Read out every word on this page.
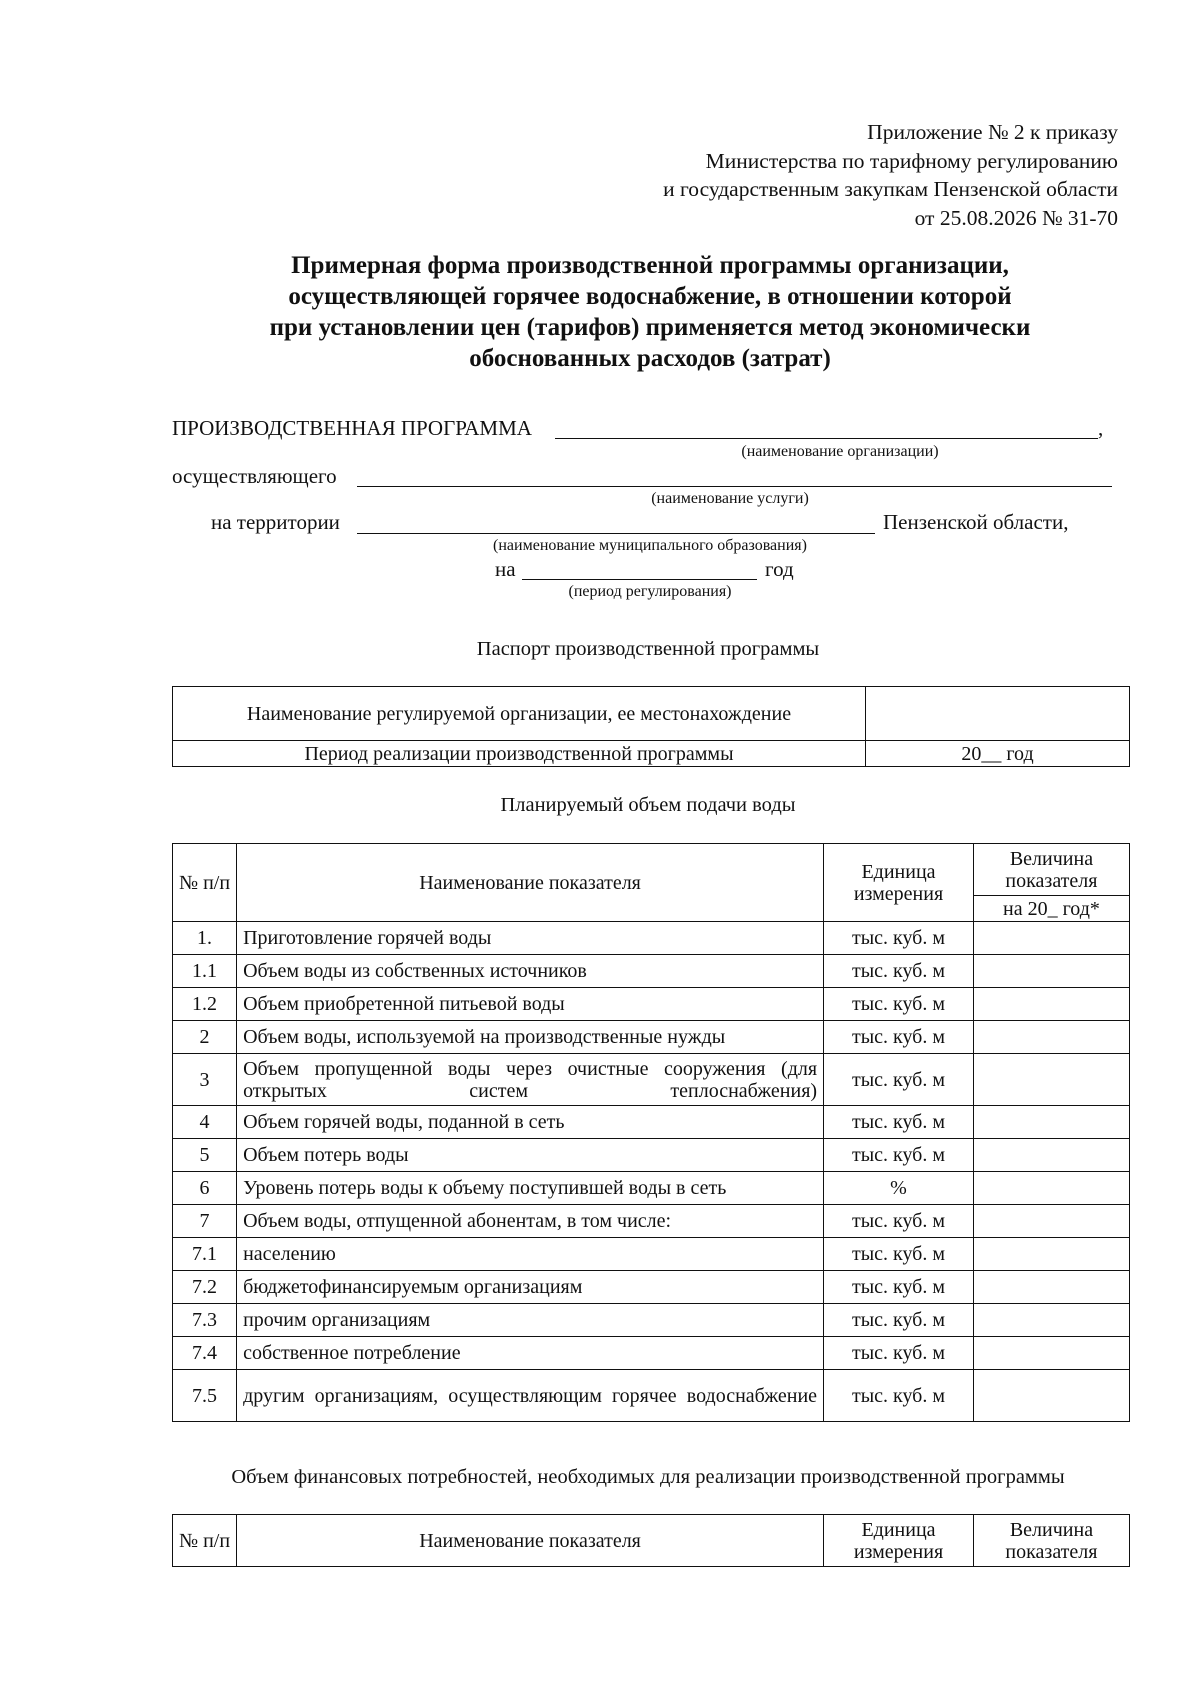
Приложение № 2 к приказу
Министерства по тарифному регулированию
и государственным закупкам Пензенской области
от 25.08.2026 № 31-70
Примерная форма производственной программы организации,
осуществляющей горячее водоснабжение, в отношении которой
при установлении цен (тарифов) применяется метод экономически
обоснованных расходов (затрат)
ПРОИЗВОДСТВЕННАЯ ПРОГРАММА	,
(наименование организации)
осуществляющего
(наименование услуги)
на территории	Пензенской области,
(наименование муниципального образования)
на	год
(период регулирования)
Паспорт производственной программы
Наименование регулируемой организации, ее местонахождение	
Период реализации производственной программы	20__ год
Планируемый объем подачи воды
№ п/п	Наименование показателя	Единица измерения	Величина показателя
			на 20_ год*
1.	Приготовление горячей воды	тыс. куб. м	
1.1	Объем воды из собственных источников	тыс. куб. м	
1.2	Объем приобретенной питьевой воды	тыс. куб. м	
2	Объем воды, используемой на производственные нужды	тыс. куб. м	
3	Объем пропущенной воды через очистные сооружения (для открытых систем теплоснабжения)	тыс. куб. м	
4	Объем горячей воды, поданной в сеть	тыс. куб. м	
5	Объем потерь воды	тыс. куб. м	
6	Уровень потерь воды к объему поступившей воды в сеть	%	
7	Объем воды, отпущенной абонентам, в том числе:	тыс. куб. м	
7.1	населению	тыс. куб. м	
7.2	бюджетофинансируемым организациям	тыс. куб. м	
7.3	прочим организациям	тыс. куб. м	
7.4	собственное потребление	тыс. куб. м	
7.5	другим организациям, осуществляющим горячее водоснабжение	тыс. куб. м	
Объем финансовых потребностей, необходимых для реализации производственной программы
№ п/п	Наименование показателя	Единица измерения	Величина показателя
